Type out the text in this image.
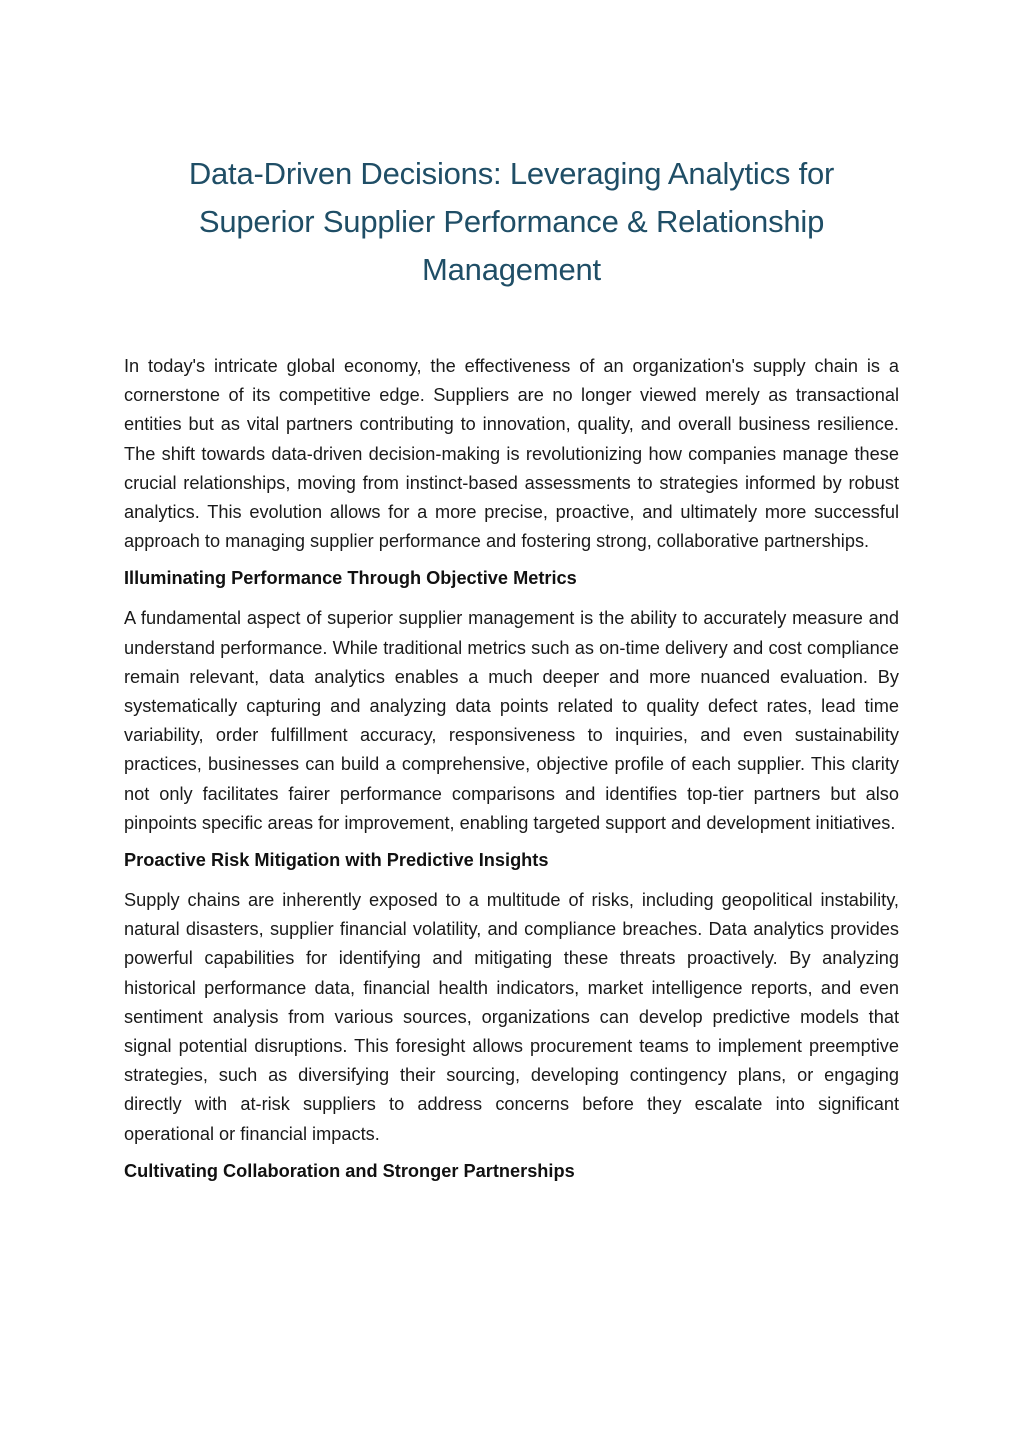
Data-Driven Decisions: Leveraging Analytics for Superior Supplier Performance & Relationship Management

In today's intricate global economy, the effectiveness of an organization's supply chain is a cornerstone of its competitive edge. Suppliers are no longer viewed merely as transactional entities but as vital partners contributing to innovation, quality, and overall business resilience. The shift towards data-driven decision-making is revolutionizing how companies manage these crucial relationships, moving from instinct-based assessments to strategies informed by robust analytics. This evolution allows for a more precise, proactive, and ultimately more successful approach to managing supplier performance and fostering strong, collaborative partnerships.

Illuminating Performance Through Objective Metrics

A fundamental aspect of superior supplier management is the ability to accurately measure and understand performance. While traditional metrics such as on-time delivery and cost compliance remain relevant, data analytics enables a much deeper and more nuanced evaluation. By systematically capturing and analyzing data points related to quality defect rates, lead time variability, order fulfillment accuracy, responsiveness to inquiries, and even sustainability practices, businesses can build a comprehensive, objective profile of each supplier. This clarity not only facilitates fairer performance comparisons and identifies top-tier partners but also pinpoints specific areas for improvement, enabling targeted support and development initiatives.

Proactive Risk Mitigation with Predictive Insights

Supply chains are inherently exposed to a multitude of risks, including geopolitical instability, natural disasters, supplier financial volatility, and compliance breaches. Data analytics provides powerful capabilities for identifying and mitigating these threats proactively. By analyzing historical performance data, financial health indicators, market intelligence reports, and even sentiment analysis from various sources, organizations can develop predictive models that signal potential disruptions. This foresight allows procurement teams to implement preemptive strategies, such as diversifying their sourcing, developing contingency plans, or engaging directly with at-risk suppliers to address concerns before they escalate into significant operational or financial impacts.

Cultivating Collaboration and Stronger Partnerships
